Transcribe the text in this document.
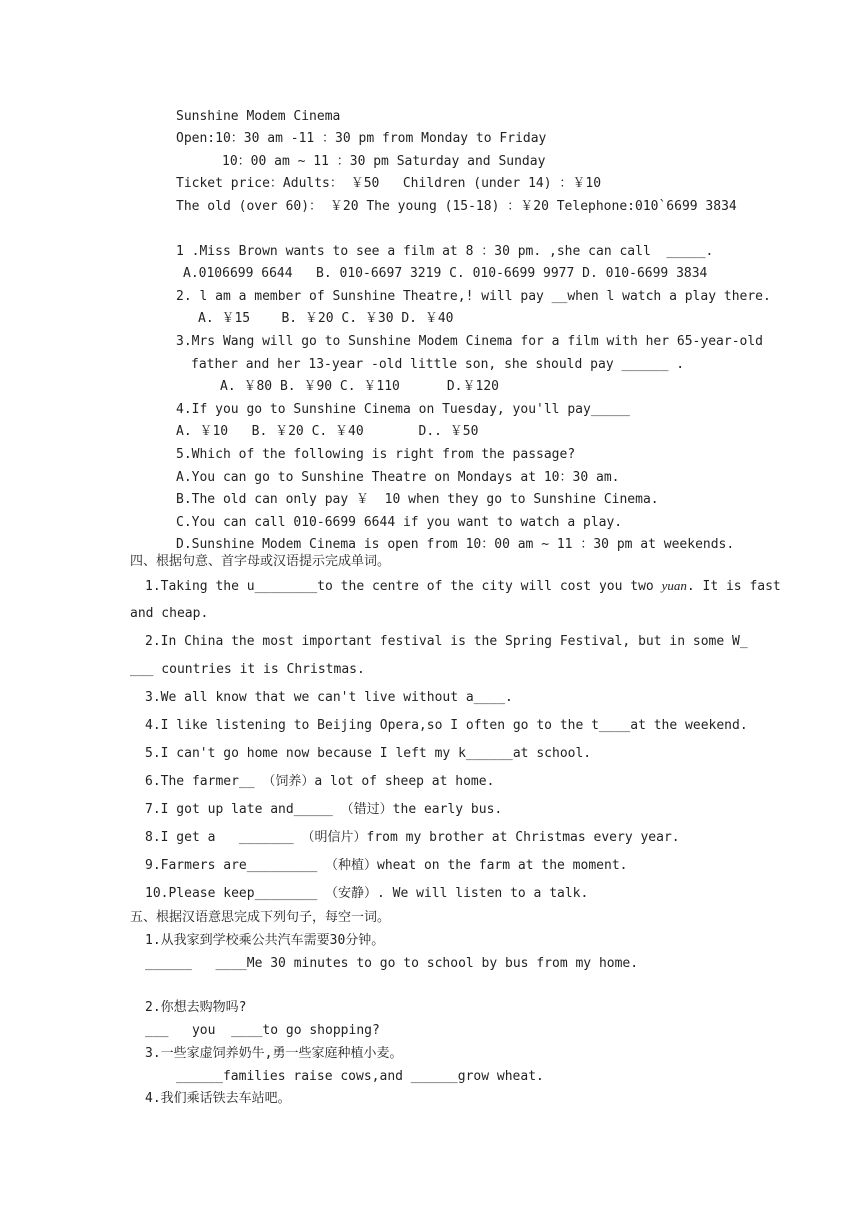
Sunshine Modem Cinema
Open:10：30 am -11 ：30 pm from Monday to Friday
10：00 am ~ 11 ：30 pm Saturday and Sunday
Ticket price：Adults： ￥50   Children (under 14) ：￥10
The old (over 60)： ￥20 The young (15-18) ：￥20 Telephone:010`6699 3834
1 .Miss Brown wants to see a film at 8 ：30 pm. ,she can call  _____.
A.0106699 6644   B. 010-6697 3219 C. 010-6699 9977 D. 010-6699 3834
2. l am a member of Sunshine Theatre,! will pay __when l watch a play there.
A. ￥15    B. ￥20 C. ￥30 D. ￥40
3.Mrs Wang will go to Sunshine Modem Cinema for a film with her 65-year-old
father and her 13-year -old little son, she should pay ______ .
A. ￥80 B. ￥90 C. ￥110      D.￥120
4.If you go to Sunshine Cinema on Tuesday, you'll pay_____
A. ￥10   B. ￥20 C. ￥40       D.. ￥50
5.Which of the following is right from the passage?
A.You can go to Sunshine Theatre on Mondays at 10：30 am.
B.The old can only pay ￥  10 when they go to Sunshine Cinema.
C.You can call 010-6699 6644 if you want to watch a play.
D.Sunshine Modem Cinema is open from 10：00 am ~ 11 ：30 pm at weekends.
四、根据句意、首字母或汉语提示完成单词。
1.Taking the u________to the centre of the city will cost you two yuan. It is fast
and cheap.
2.In China the most important festival is the Spring Festival, but in some W_
___ countries it is Christmas.
3.We all know that we can't live without a____.
4.I like listening to Beijing Opera,so I often go to the t____at the weekend.
5.I can't go home now because I left my k______at school.
6.The farmer__ （饲养）a lot of sheep at home.
7.I got up late and_____ （错过）the early bus.
8.I get a   _______ （明信片）from my brother at Christmas every year.
9.Farmers are_________ （种植）wheat on the farm at the moment.
10.Please keep________ （安静）. We will listen to a talk.
五、根据汉语意思完成下列句子，每空一词。
1.从我家到学校乘公共汽车需要30分钟。
______   ____Me 30 minutes to go to school by bus from my home.
2.你想去购物吗?
___   you  ____to go shopping?
3.一些家虚饲养奶牛,勇一些家庭种植小麦。
______families raise cows,and ______grow wheat.
4.我们乘话铁去车站吧。
